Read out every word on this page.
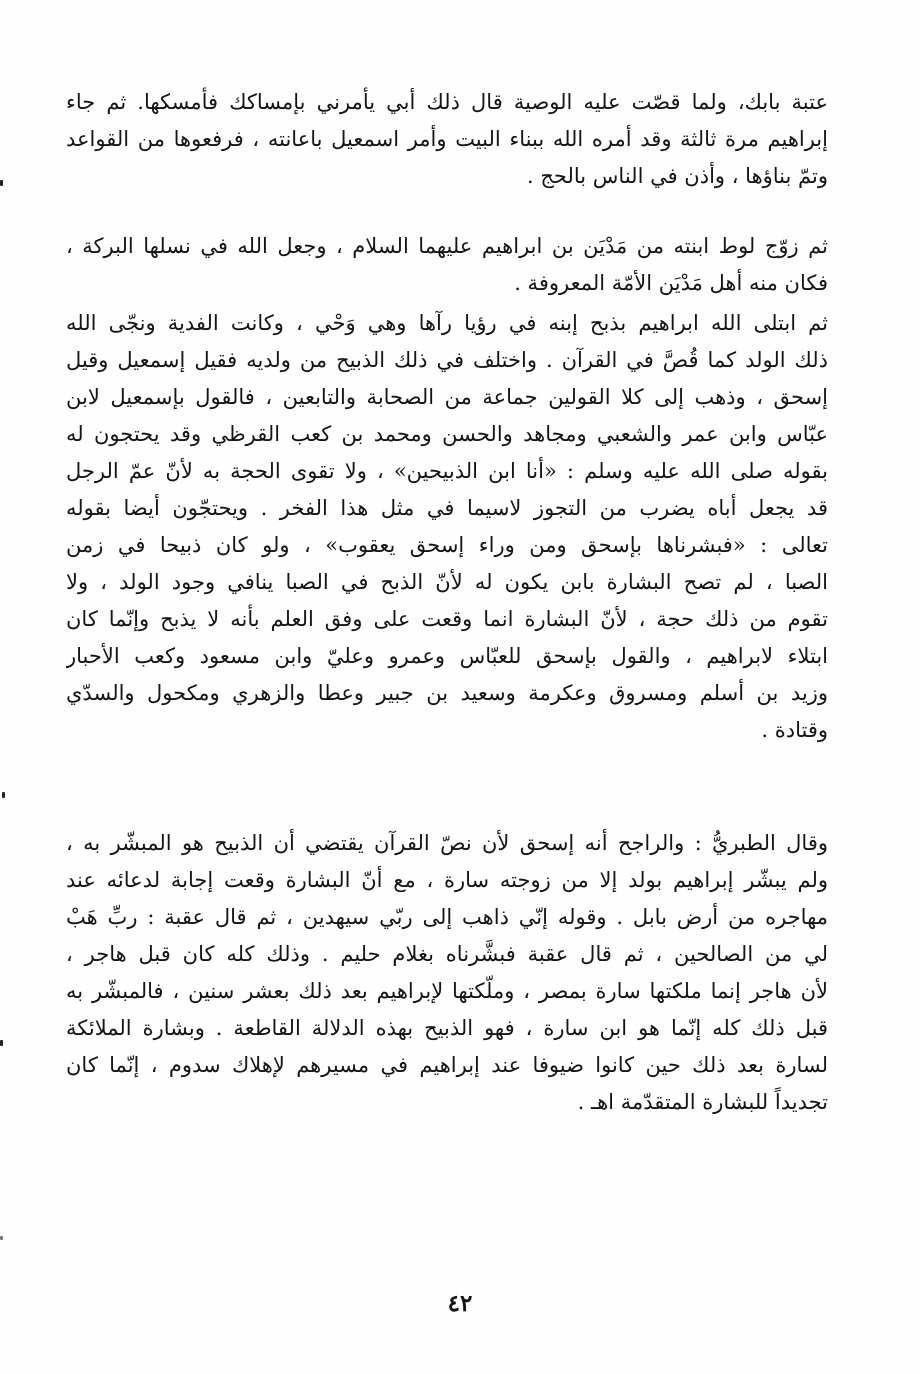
عتبة بابك، ولما قصّت عليه الوصية قال ذلك أبي يأمرني بإمساكك فأمسكها. ثم جاء
إبراهيم مرة ثالثة وقد أمره الله ببناء البيت وأمر اسمعيل باعانته ، فرفعوها من القواعد
وتمّ بناؤها ، وأذن في الناس بالحج .
ثم زوّج لوط ابنته من مَدْيَن بن ابراهيم عليهما السلام ، وجعل الله في نسلها البركة ،
فكان منه أهل مَدْيَن الأمّة المعروفة .
ثم ابتلى الله ابراهيم بذبح إبنه في رؤيا رآها وهي وَحْي ، وكانت الفدية ونجّى الله
ذلك الولد كما قُصَّ في القرآن . واختلف في ذلك الذبيح من ولديه فقيل إسمعيل وقيل
إسحق ، وذهب إلى كلا القولين جماعة من الصحابة والتابعين ، فالقول بإسمعيل لابن
عبّاس وابن عمر والشعبي ومجاهد والحسن ومحمد بن كعب القرظي وقد يحتجون له
بقوله صلى الله عليه وسلم : «أنا ابن الذبيحين» ، ولا تقوى الحجة به لأنّ عمّ الرجل
قد يجعل أباه يضرب من التجوز لاسيما في مثل هذا الفخر . ويحتجّون أيضا بقوله
تعالى : «فبشرناها بإسحق ومن وراء إسحق يعقوب» ، ولو كان ذبيحا في زمن
الصبا ، لم تصح البشارة بابن يكون له لأنّ الذبح في الصبا ينافي وجود الولد ، ولا
تقوم من ذلك حجة ، لأنّ البشارة انما وقعت على وفق العلم بأنه لا يذبح وإنّما كان
ابتلاء لابراهيم ، والقول بإسحق للعبّاس وعمرو وعليّ وابن مسعود وكعب الأحبار
وزيد بن أسلم ومسروق وعكرمة وسعيد بن جبير وعطا والزهري ومكحول والسدّي
وقتادة .
وقال الطبريُّ : والراجح أنه إسحق لأن نصّ القرآن يقتضي أن الذبيح هو المبشّر به ،
ولم يبشّر إبراهيم بولد إلا من زوجته سارة ، مع أنّ البشارة وقعت إجابة لدعائه عند
مهاجره من أرض بابل . وقوله إنّي ذاهب إلى ربّي سيهدين ، ثم قال عقبة : ربِّ هَبْ
لي من الصالحين ، ثم قال عقبة فبشَّرناه بغلام حليم . وذلك كله كان قبل هاجر ،
لأن هاجر إنما ملكتها سارة بمصر ، وملّكتها لإبراهيم بعد ذلك بعشر سنين ، فالمبشّر به
قبل ذلك كله إنّما هو ابن سارة ، فهو الذبيح بهذه الدلالة القاطعة . وبشارة الملائكة
لسارة بعد ذلك حين كانوا ضيوفا عند إبراهيم في مسيرهم لإهلاك سدوم ، إنّما كان
تجديداً للبشارة المتقدّمة اهـ .
٤٢
